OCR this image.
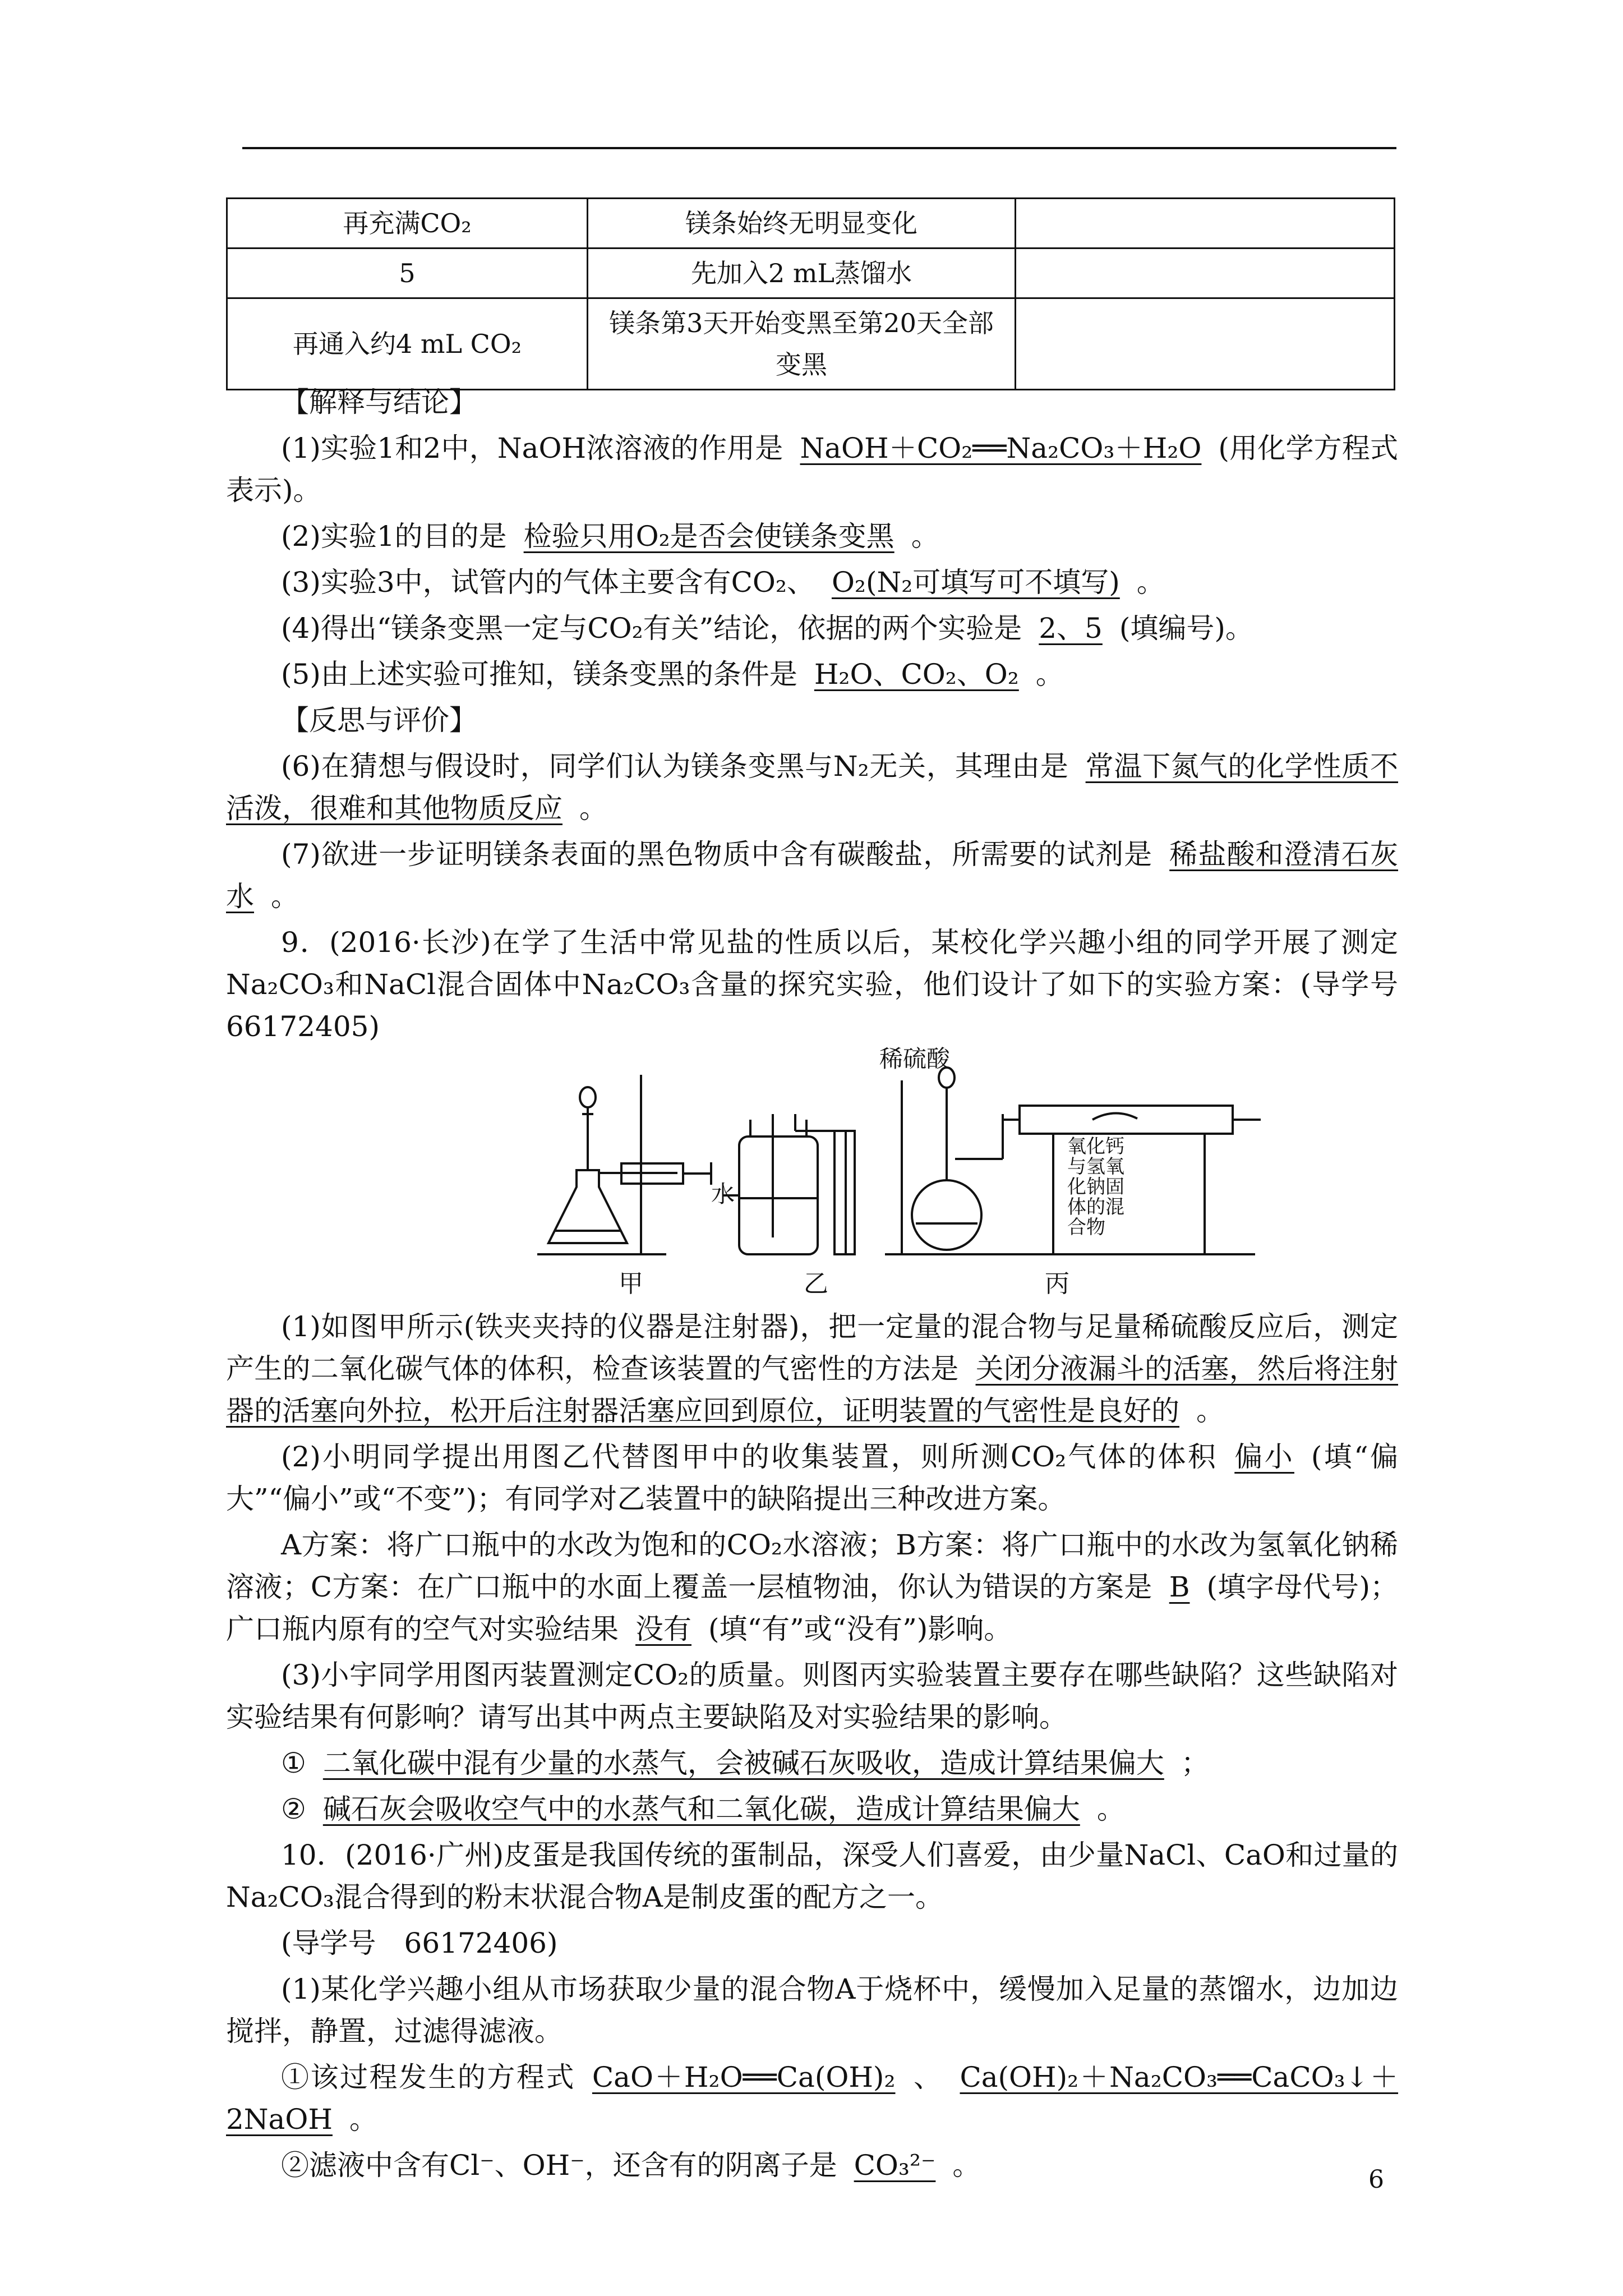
再充满CO₂	镁条始终无明显变化	
5	先加入2 mL蒸馏水	
再通入约4 mL CO₂	镁条第3天开始变黑至第20天全部变黑	

【解释与结论】

(1)实验1和2中，NaOH浓溶液的作用是 NaOH＋CO₂══Na₂CO₃＋H₂O (用化学方程式表示)。

(2)实验1的目的是 检验只用O₂是否会使镁条变黑 。

(3)实验3中，试管内的气体主要含有CO₂、 O₂(N₂可填写可不填写) 。

(4)得出“镁条变黑一定与CO₂有关”结论，依据的两个实验是 2、5 (填编号)。

(5)由上述实验可推知，镁条变黑的条件是 H₂O、CO₂、O₂ 。

【反思与评价】

(6)在猜想与假设时，同学们认为镁条变黑与N₂无关，其理由是 常温下氮气的化学性质不活泼，很难和其他物质反应 。

(7)欲进一步证明镁条表面的黑色物质中含有碳酸盐，所需要的试剂是 稀盐酸和澄清石灰水 。

9．(2016·长沙)在学了生活中常见盐的性质以后，某校化学兴趣小组的同学开展了测定Na₂CO₃和NaCl混合固体中Na₂CO₃含量的探究实验，他们设计了如下的实验方案：(导学号　66172405)

稀硫酸
水
氧化钙与氢氧化钠固体的混合物
甲	乙	丙

(1)如图甲所示(铁夹夹持的仪器是注射器)，把一定量的混合物与足量稀硫酸反应后，测定产生的二氧化碳气体的体积，检查该装置的气密性的方法是 关闭分液漏斗的活塞，然后将注射器的活塞向外拉，松开后注射器活塞应回到原位，证明装置的气密性是良好的 。

(2)小明同学提出用图乙代替图甲中的收集装置，则所测CO₂气体的体积 偏小 (填“偏大”“偏小”或“不变”)；有同学对乙装置中的缺陷提出三种改进方案。

A方案：将广口瓶中的水改为饱和的CO₂水溶液；B方案：将广口瓶中的水改为氢氧化钠稀溶液；C方案：在广口瓶中的水面上覆盖一层植物油，你认为错误的方案是 B (填字母代号)；广口瓶内原有的空气对实验结果 没有 (填“有”或“没有”)影响。

(3)小宇同学用图丙装置测定CO₂的质量。则图丙实验装置主要存在哪些缺陷？这些缺陷对实验结果有何影响？请写出其中两点主要缺陷及对实验结果的影响。

① 二氧化碳中混有少量的水蒸气，会被碱石灰吸收，造成计算结果偏大 ；

② 碱石灰会吸收空气中的水蒸气和二氧化碳，造成计算结果偏大 。

10．(2016·广州)皮蛋是我国传统的蛋制品，深受人们喜爱，由少量NaCl、CaO和过量的Na₂CO₃混合得到的粉末状混合物A是制皮蛋的配方之一。

(导学号　66172406)

(1)某化学兴趣小组从市场获取少量的混合物A于烧杯中，缓慢加入足量的蒸馏水，边加边搅拌，静置，过滤得滤液。

①该过程发生的方程式 CaO＋H₂O══Ca(OH)₂ 、 Ca(OH)₂＋Na₂CO₃══CaCO₃↓＋2NaOH 。

②滤液中含有Cl⁻、OH⁻，还含有的阴离子是 CO₃²⁻ 。	6
